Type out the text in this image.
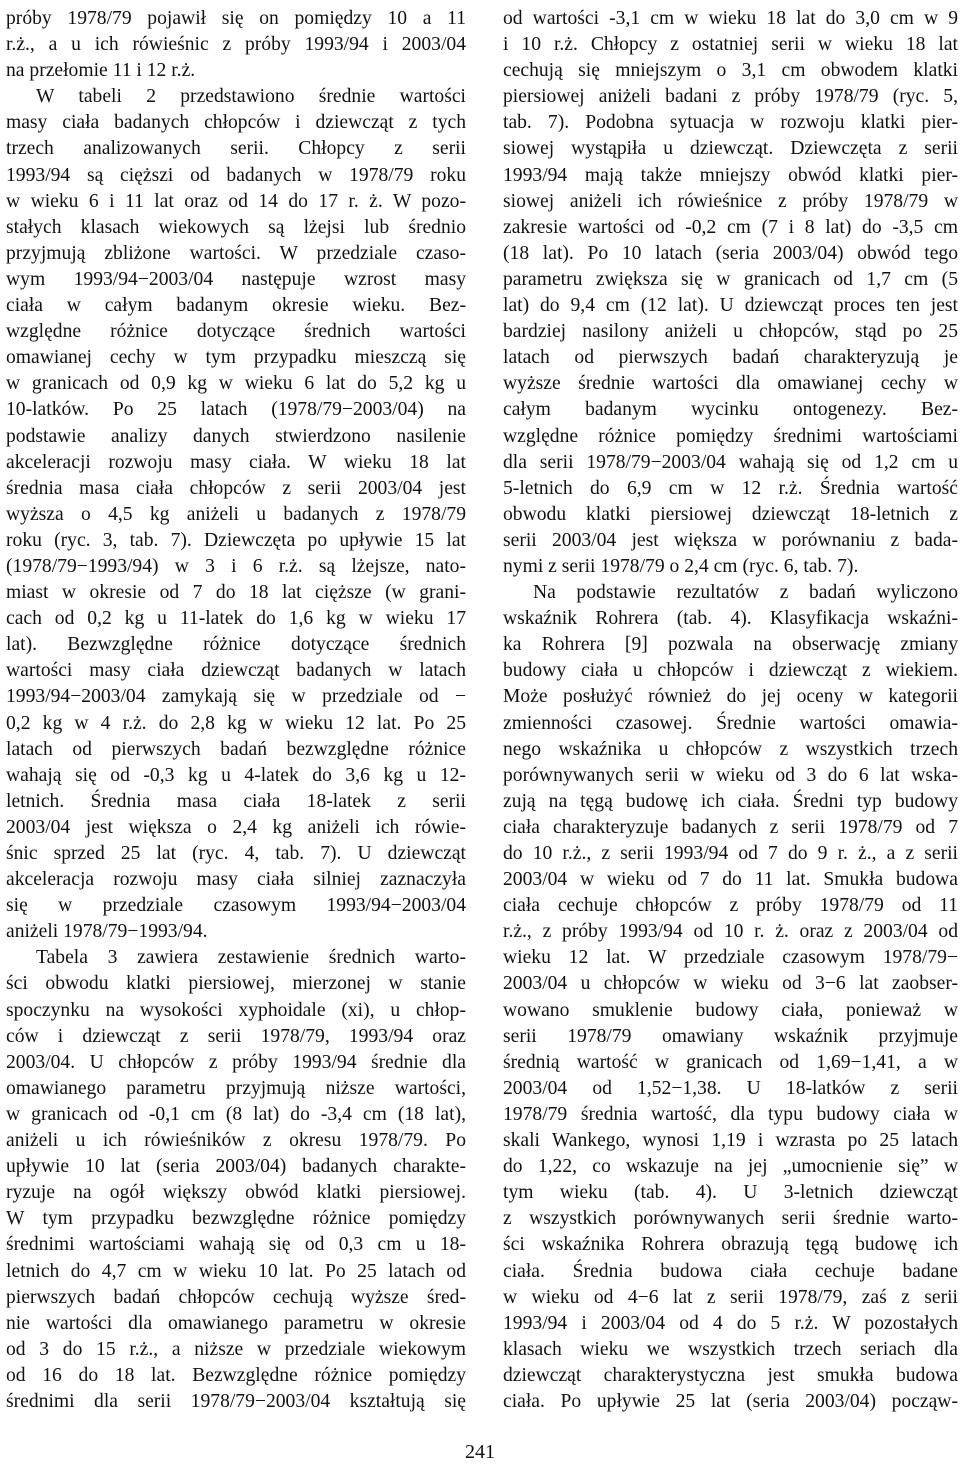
próby 1978/79 pojawił się on pomiędzy 10 a 11
r.ż., a u ich rówieśnic z próby 1993/94 i 2003/04
na przełomie 11 i 12 r.ż.
W tabeli 2 przedstawiono średnie wartości
masy ciała badanych chłopców i dziewcząt z tych
trzech analizowanych serii. Chłopcy z serii
1993/94 są cięższi od badanych w 1978/79 roku
w wieku 6 i 11 lat oraz od 14 do 17 r. ż. W pozo-
stałych klasach wiekowych są lżejsi lub średnio
przyjmują zbliżone wartości. W przedziale czaso-
wym 1993/94−2003/04 następuje wzrost masy
ciała w całym badanym okresie wieku. Bez-
względne różnice dotyczące średnich wartości
omawianej cechy w tym przypadku mieszczą się
w granicach od 0,9 kg w wieku 6 lat do 5,2 kg u
10-latków. Po 25 latach (1978/79−2003/04) na
podstawie analizy danych stwierdzono nasilenie
akceleracji rozwoju masy ciała. W wieku 18 lat
średnia masa ciała chłopców z serii 2003/04 jest
wyższa o 4,5 kg aniżeli u badanych z 1978/79
roku (ryc. 3, tab. 7). Dziewczęta po upływie 15 lat
(1978/79−1993/94) w 3 i 6 r.ż. są lżejsze, nato-
miast w okresie od 7 do 18 lat cięższe (w grani-
cach od 0,2 kg u 11-latek do 1,6 kg w wieku 17
lat). Bezwzględne różnice dotyczące średnich
wartości masy ciała dziewcząt badanych w latach
1993/94−2003/04 zamykają się w przedziale od −
0,2 kg w 4 r.ż. do 2,8 kg w wieku 12 lat. Po 25
latach od pierwszych badań bezwzględne różnice
wahają się od -0,3 kg u 4-latek do 3,6 kg u 12-
letnich. Średnia masa ciała 18-latek z serii
2003/04 jest większa o 2,4 kg aniżeli ich rówie-
śnic sprzed 25 lat (ryc. 4, tab. 7). U dziewcząt
akceleracja rozwoju masy ciała silniej zaznaczyła
się w przedziale czasowym 1993/94−2003/04
aniżeli 1978/79−1993/94.
Tabela 3 zawiera zestawienie średnich warto-
ści obwodu klatki piersiowej, mierzonej w stanie
spoczynku na wysokości xyphoidale (xi), u chłop-
ców i dziewcząt z serii 1978/79, 1993/94 oraz
2003/04. U chłopców z próby 1993/94 średnie dla
omawianego parametru przyjmują niższe wartości,
w granicach od -0,1 cm (8 lat) do -3,4 cm (18 lat),
aniżeli u ich rówieśników z okresu 1978/79. Po
upływie 10 lat (seria 2003/04) badanych charakte-
ryzuje na ogół większy obwód klatki piersiowej.
W tym przypadku bezwzględne różnice pomiędzy
średnimi wartościami wahają się od 0,3 cm u 18-
letnich do 4,7 cm w wieku 10 lat. Po 25 latach od
pierwszych badań chłopców cechują wyższe śred-
nie wartości dla omawianego parametru w okresie
od 3 do 15 r.ż., a niższe w przedziale wiekowym
od 16 do 18 lat. Bezwzględne różnice pomiędzy
średnimi dla serii 1978/79−2003/04 kształtują się
od wartości -3,1 cm w wieku 18 lat do 3,0 cm w 9
i 10 r.ż. Chłopcy z ostatniej serii w wieku 18 lat
cechują się mniejszym o 3,1 cm obwodem klatki
piersiowej aniżeli badani z próby 1978/79 (ryc. 5,
tab. 7). Podobna sytuacja w rozwoju klatki pier-
siowej wystąpiła u dziewcząt. Dziewczęta z serii
1993/94 mają także mniejszy obwód klatki pier-
siowej aniżeli ich rówieśnice z próby 1978/79 w
zakresie wartości od -0,2 cm (7 i 8 lat) do -3,5 cm
(18 lat). Po 10 latach (seria 2003/04) obwód tego
parametru zwiększa się w granicach od 1,7 cm (5
lat) do 9,4 cm (12 lat). U dziewcząt proces ten jest
bardziej nasilony aniżeli u chłopców, stąd po 25
latach od pierwszych badań charakteryzują je
wyższe średnie wartości dla omawianej cechy w
całym badanym wycinku ontogenezy. Bez-
względne różnice pomiędzy średnimi wartościami
dla serii 1978/79−2003/04 wahają się od 1,2 cm u
5-letnich do 6,9 cm w 12 r.ż. Średnia wartość
obwodu klatki piersiowej dziewcząt 18-letnich z
serii 2003/04 jest większa w porównaniu z bada-
nymi z serii 1978/79 o 2,4 cm (ryc. 6, tab. 7).
Na podstawie rezultatów z badań wyliczono
wskaźnik Rohrera (tab. 4). Klasyfikacja wskaźni-
ka Rohrera [9] pozwala na obserwację zmiany
budowy ciała u chłopców i dziewcząt z wiekiem.
Może posłużyć również do jej oceny w kategorii
zmienności czasowej. Średnie wartości omawia-
nego wskaźnika u chłopców z wszystkich trzech
porównywanych serii w wieku od 3 do 6 lat wska-
zują na tęgą budowę ich ciała. Średni typ budowy
ciała charakteryzuje badanych z serii 1978/79 od 7
do 10 r.ż., z serii 1993/94 od 7 do 9 r. ż., a z serii
2003/04 w wieku od 7 do 11 lat. Smukła budowa
ciała cechuje chłopców z próby 1978/79 od 11
r.ż., z próby 1993/94 od 10 r. ż. oraz z 2003/04 od
wieku 12 lat. W przedziale czasowym 1978/79−
2003/04 u chłopców w wieku od 3−6 lat zaobser-
wowano smuklenie budowy ciała, ponieważ w
serii 1978/79 omawiany wskaźnik przyjmuje
średnią wartość w granicach od 1,69−1,41, a w
2003/04 od 1,52−1,38. U 18-latków z serii
1978/79 średnia wartość, dla typu budowy ciała w
skali Wankego, wynosi 1,19 i wzrasta po 25 latach
do 1,22, co wskazuje na jej „umocnienie się” w
tym wieku (tab. 4). U 3-letnich dziewcząt
z wszystkich porównywanych serii średnie warto-
ści wskaźnika Rohrera obrazują tęgą budowę ich
ciała. Średnia budowa ciała cechuje badane
w wieku od 4−6 lat z serii 1978/79, zaś z serii
1993/94 i 2003/04 od 4 do 5 r.ż. W pozostałych
klasach wieku we wszystkich trzech seriach dla
dziewcząt charakterystyczna jest smukła budowa
ciała. Po upływie 25 lat (seria 2003/04) począw-
241
